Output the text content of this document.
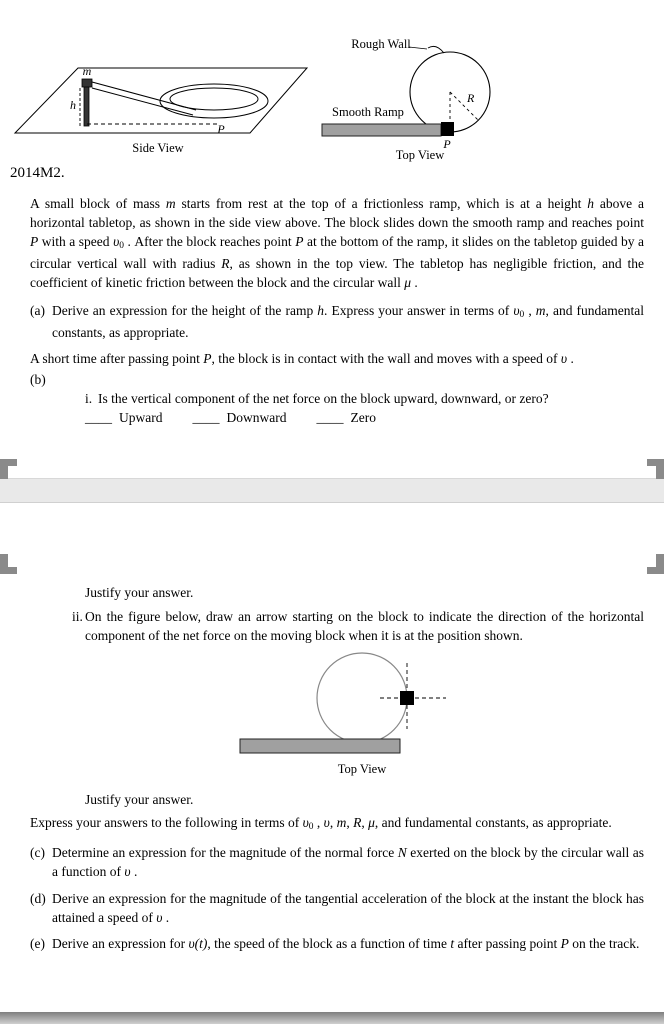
m
h
P
Side View
Rough Wall
R
Smooth Ramp
P
Top View
2014M2.

A small block of mass m starts from rest at the top of a frictionless ramp, which is at a height h above a horizontal tabletop, as shown in the side view above. The block slides down the smooth ramp and reaches point P with a speed υ0 . After the block reaches point P at the bottom of the ramp, it slides on the tabletop guided by a circular vertical wall with radius R, as shown in the top view. The tabletop has negligible friction, and the coefficient of kinetic friction between the block and the circular wall μ .

(a) Derive an expression for the height of the ramp h. Express your answer in terms of υ0 , m, and fundamental constants, as appropriate.

A short time after passing point P, the block is in contact with the wall and moves with a speed of υ .

(b)
i. Is the vertical component of the net force on the block upward, downward, or zero?
____ Upward ____ Downward ____ Zero
Justify your answer.
ii. On the figure below, draw an arrow starting on the block to indicate the direction of the horizontal component of the net force on the moving block when it is at the position shown.
Top View
Justify your answer.

Express your answers to the following in terms of υ0 , υ, m, R, μ, and fundamental constants, as appropriate.

(c) Determine an expression for the magnitude of the normal force N exerted on the block by the circular wall as a function of υ .
(d) Derive an expression for the magnitude of the tangential acceleration of the block at the instant the block has attained a speed of υ .
(e) Derive an expression for υ(t), the speed of the block as a function of time t after passing point P on the track.
